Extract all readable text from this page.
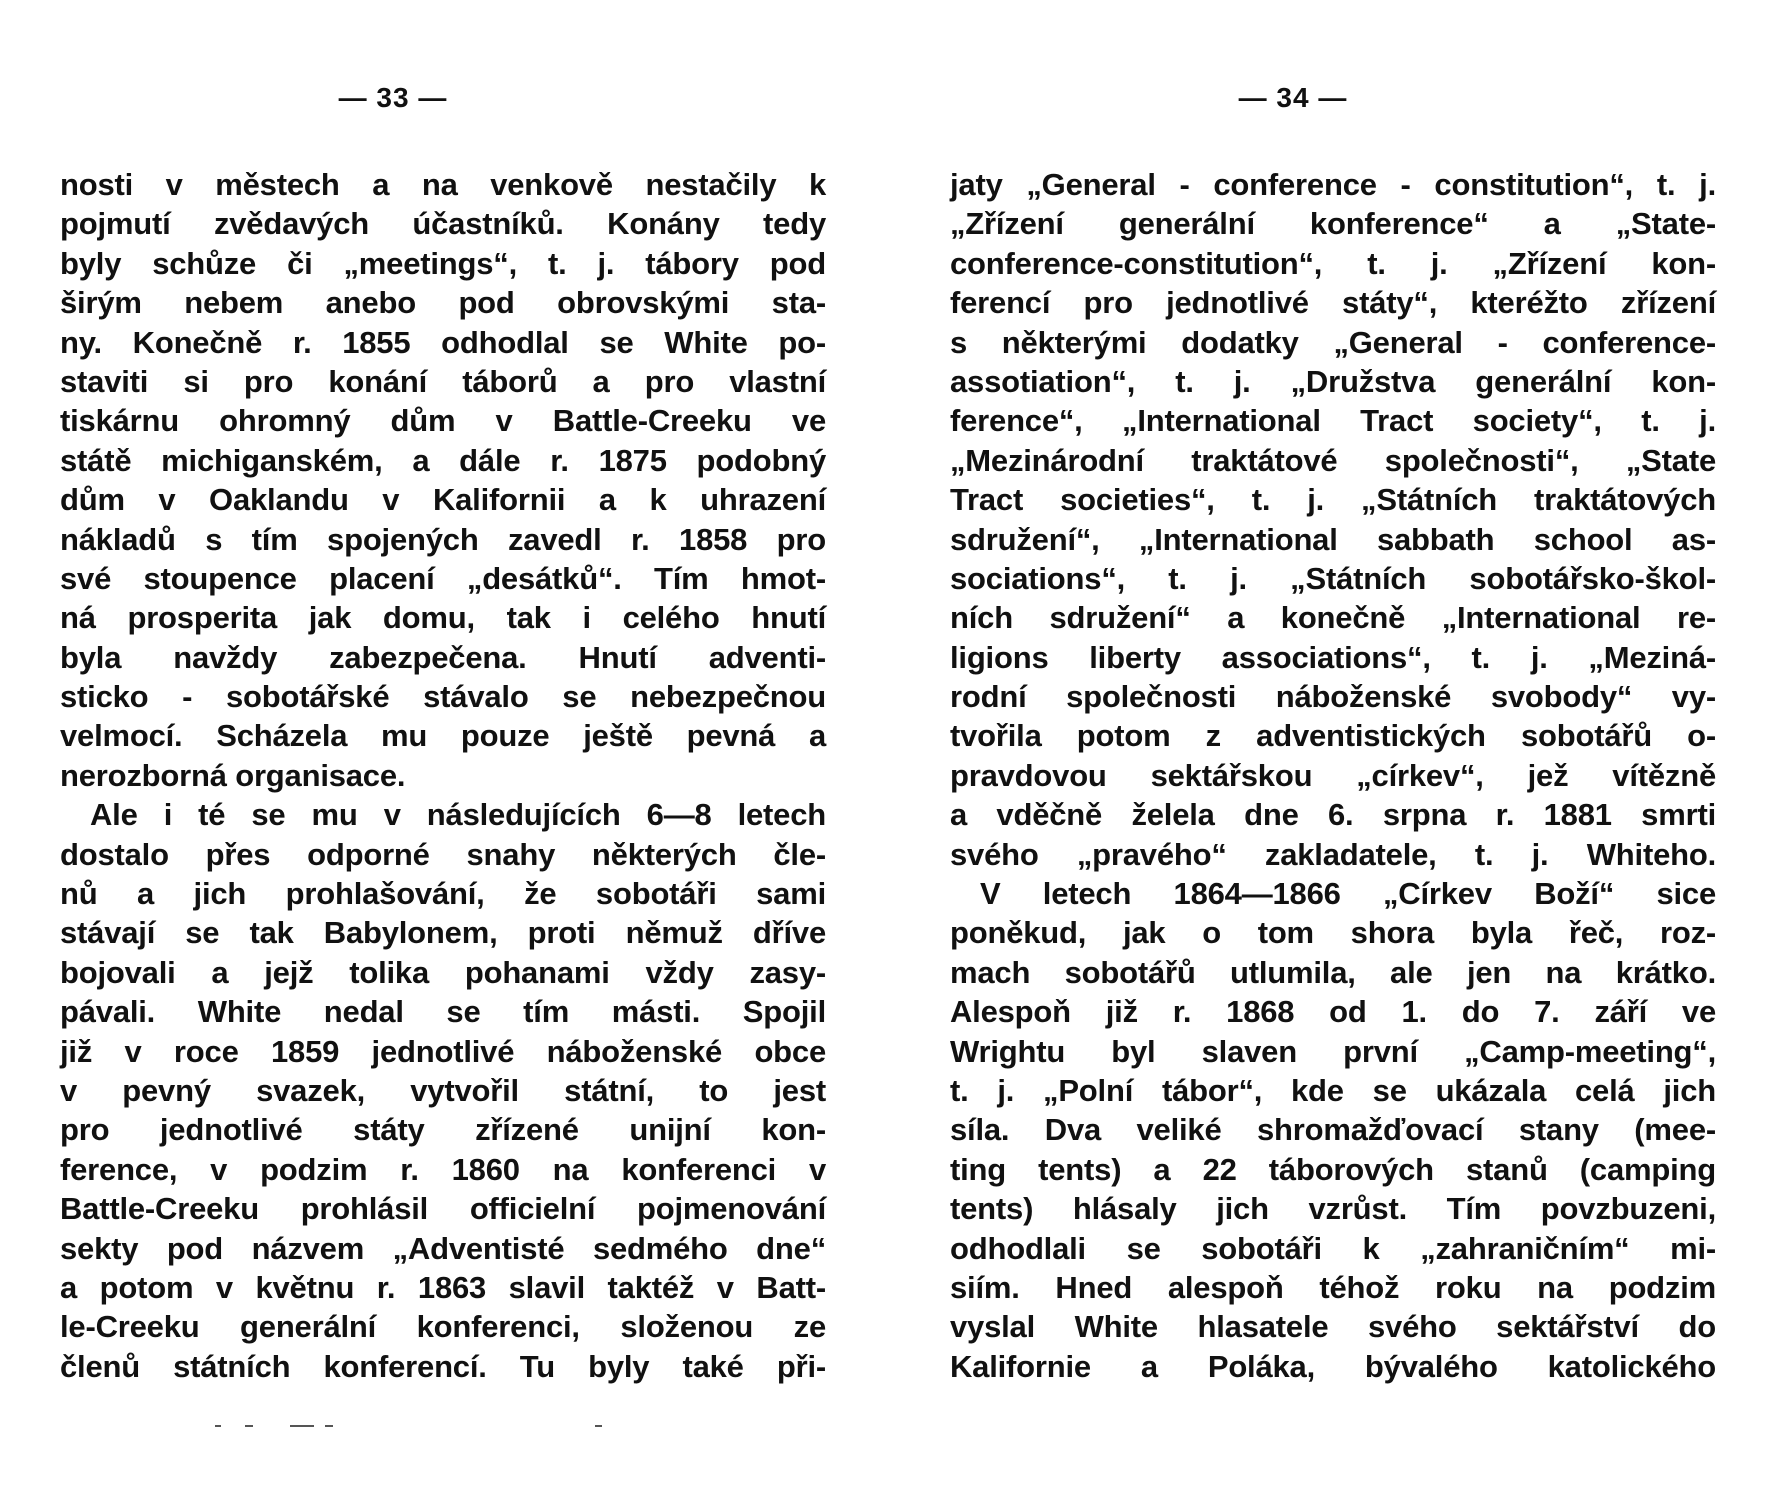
— 33 —
nosti v městech a na venkově nestačily k
pojmutí zvědavých účastníků. Konány tedy
byly schůze či „meetings“, t. j. tábory pod
širým nebem anebo pod obrovskými sta-
ny. Konečně r. 1855 odhodlal se White po-
staviti si pro konání táborů a pro vlastní
tiskárnu ohromný dům v Battle-Creeku ve
státě michiganském, a dále r. 1875 podobný
dům v Oaklandu v Kalifornii a k uhrazení
nákladů s tím spojených zavedl r. 1858 pro
své stoupence placení „desátků“. Tím hmot-
ná prosperita jak domu, tak i celého hnutí
byla navždy zabezpečena. Hnutí adventi-
sticko - sobotářské stávalo se nebezpečnou
velmocí. Scházela mu pouze ještě pevná a
nerozborná organisace.
Ale i té se mu v následujících 6—8 letech
dostalo přes odporné snahy některých čle-
nů a jich prohlašování, že sobotáři sami
stávají se tak Babylonem, proti němuž dříve
bojovali a jejž tolika pohanami vždy zasy-
pávali. White nedal se tím másti. Spojil
již v roce 1859 jednotlivé náboženské obce
v pevný svazek, vytvořil státní, to jest
pro jednotlivé státy zřízené unijní kon-
ference, v podzim r. 1860 na konferenci v
Battle-Creeku prohlásil officielní pojmenování
sekty pod názvem „Adventisté sedmého dne“
a potom v květnu r. 1863 slavil taktéž v Batt-
le-Creeku generální konferenci, složenou ze
členů státních konferencí. Tu byly také při-
— 34 —
jaty „General - conference - constitution“, t. j.
„Zřízení generální konference“ a „State-
conference-constitution“, t. j. „Zřízení kon-
ferencí pro jednotlivé státy“, kteréžto zřízení
s některými dodatky „General - conference-
assotiation“, t. j. „Družstva generální kon-
ference“, „International Tract society“, t. j.
„Mezinárodní traktátové společnosti“, „State
Tract societies“, t. j. „Státních traktátových
sdružení“, „International sabbath school as-
sociations“, t. j. „Státních sobotářsko-škol-
ních sdružení“ a konečně „International re-
ligions liberty associations“, t. j. „Meziná-
rodní společnosti náboženské svobody“ vy-
tvořila potom z adventistických sobotářů o-
pravdovou sektářskou „církev“, jež vítězně
a vděčně želela dne 6. srpna r. 1881 smrti
svého „pravého“ zakladatele, t. j. Whiteho.
V letech 1864—1866 „Církev Boží“ sice
poněkud, jak o tom shora byla řeč, roz-
mach sobotářů utlumila, ale jen na krátko.
Alespoň již r. 1868 od 1. do 7. září ve
Wrightu byl slaven první „Camp-meeting“,
t. j. „Polní tábor“, kde se ukázala celá jich
síla. Dva veliké shromažďovací stany (mee-
ting tents) a 22 táborových stanů (camping
tents) hlásaly jich vzrůst. Tím povzbuzeni,
odhodlali se sobotáři k „zahraničním“ mi-
siím. Hned alespoň téhož roku na podzim
vyslal White hlasatele svého sektářství do
Kalifornie a Poláka, bývalého katolického
